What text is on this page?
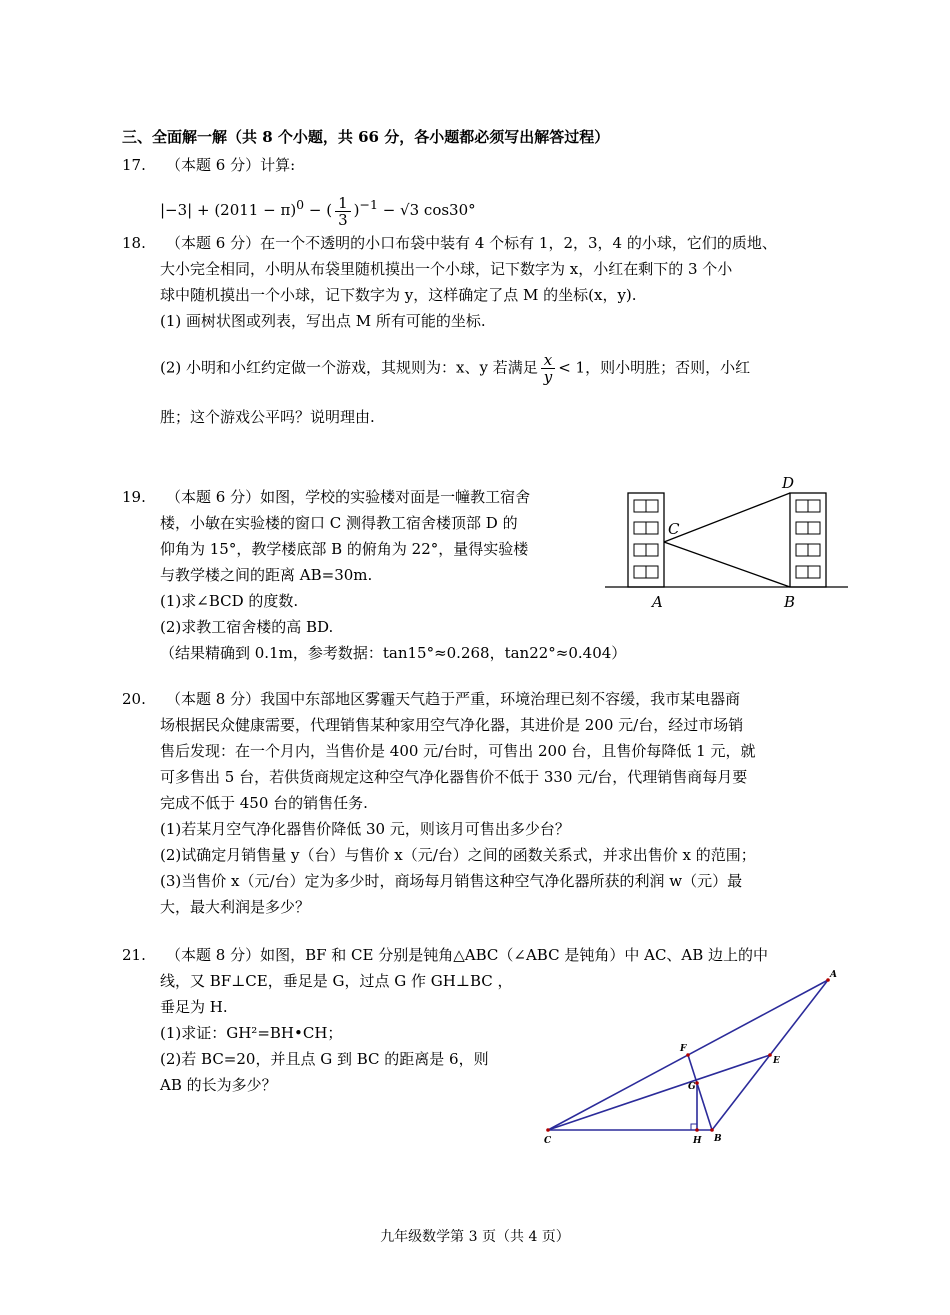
三、全面解一解（共 8 个小题，共 66 分，各小题都必须写出解答过程）
17. （本题 6 分）计算:
$|-3| + (2011 - \pi)^0$ − ( $\frac{1}{3} )^{-1} - √3$ cos30°
18. （本题 6 分）在一个不透明的小口布袋中装有 4 个标有 1，2，3，4 的小球，它们的质地、
大小完全相同，小明从布袋里随机摸出一个小球，记下数字为 x，小红在剩下的 3 个小
球中随机摸出一个小球，记下数字为 y，这样确定了点 M 的坐标(x，y).
(1) 画树状图或列表，写出点 M 所有可能的坐标.
(2) 小明和小红约定做一个游戏，其规则为：x、y 若满足 $\frac{x}{y} < 1$，则小明胜；否则，小红
胜；这个游戏公平吗？说明理由.
19. （本题 6 分）如图，学校的实验楼对面是一幢教工宿舍
楼，小敏在实验楼的窗口 C 测得教工宿舍楼顶部 D 的
仰角为 15°，教学楼底部 B 的俯角为 22°，量得实验楼
与教学楼之间的距离 AB=30m.
(1)求∠BCD 的度数.
(2)求教工宿舍楼的高 BD.
（结果精确到 0.1m，参考数据：tan15°≈0.268，tan22°≈0.404）
C
D
A	B
20. （本题 8 分）我国中东部地区雾霾天气趋于严重，环境治理已刻不容缓，我市某电器商
场根据民众健康需要，代理销售某种家用空气净化器，其进价是 200 元/台，经过市场销
售后发现：在一个月内，当售价是 400 元/台时，可售出 200 台，且售价每降低 1 元，就
可多售出 5 台，若供货商规定这种空气净化器售价不低于 330 元/台，代理销售商每月要
完成不低于 450 台的销售任务.
(1)若某月空气净化器售价降低 30 元，则该月可售出多少台？
(2)试确定月销售量 y（台）与售价 x（元/台）之间的函数关系式，并求出售价 x 的范围；
(3)当售价 x（元/台）定为多少时，商场每月销售这种空气净化器所获的利润 w（元）最
大，最大利润是多少？
21. （本题 8 分）如图，BF 和 CE 分别是钝角△ABC（∠ABC 是钝角）中 AC、AB 边上的中
线，又 BF⊥CE，垂足是 G，过点 G 作 GH⊥BC ，
垂足为 H.
(1)求证：GH²=BH•CH；
(2)若 BC=20，并且点 G 到 BC 的距离是 6，则
AB 的长为多少？
A
B
C
E
F
G
H
九年级数学第 3 页（共 4 页）
